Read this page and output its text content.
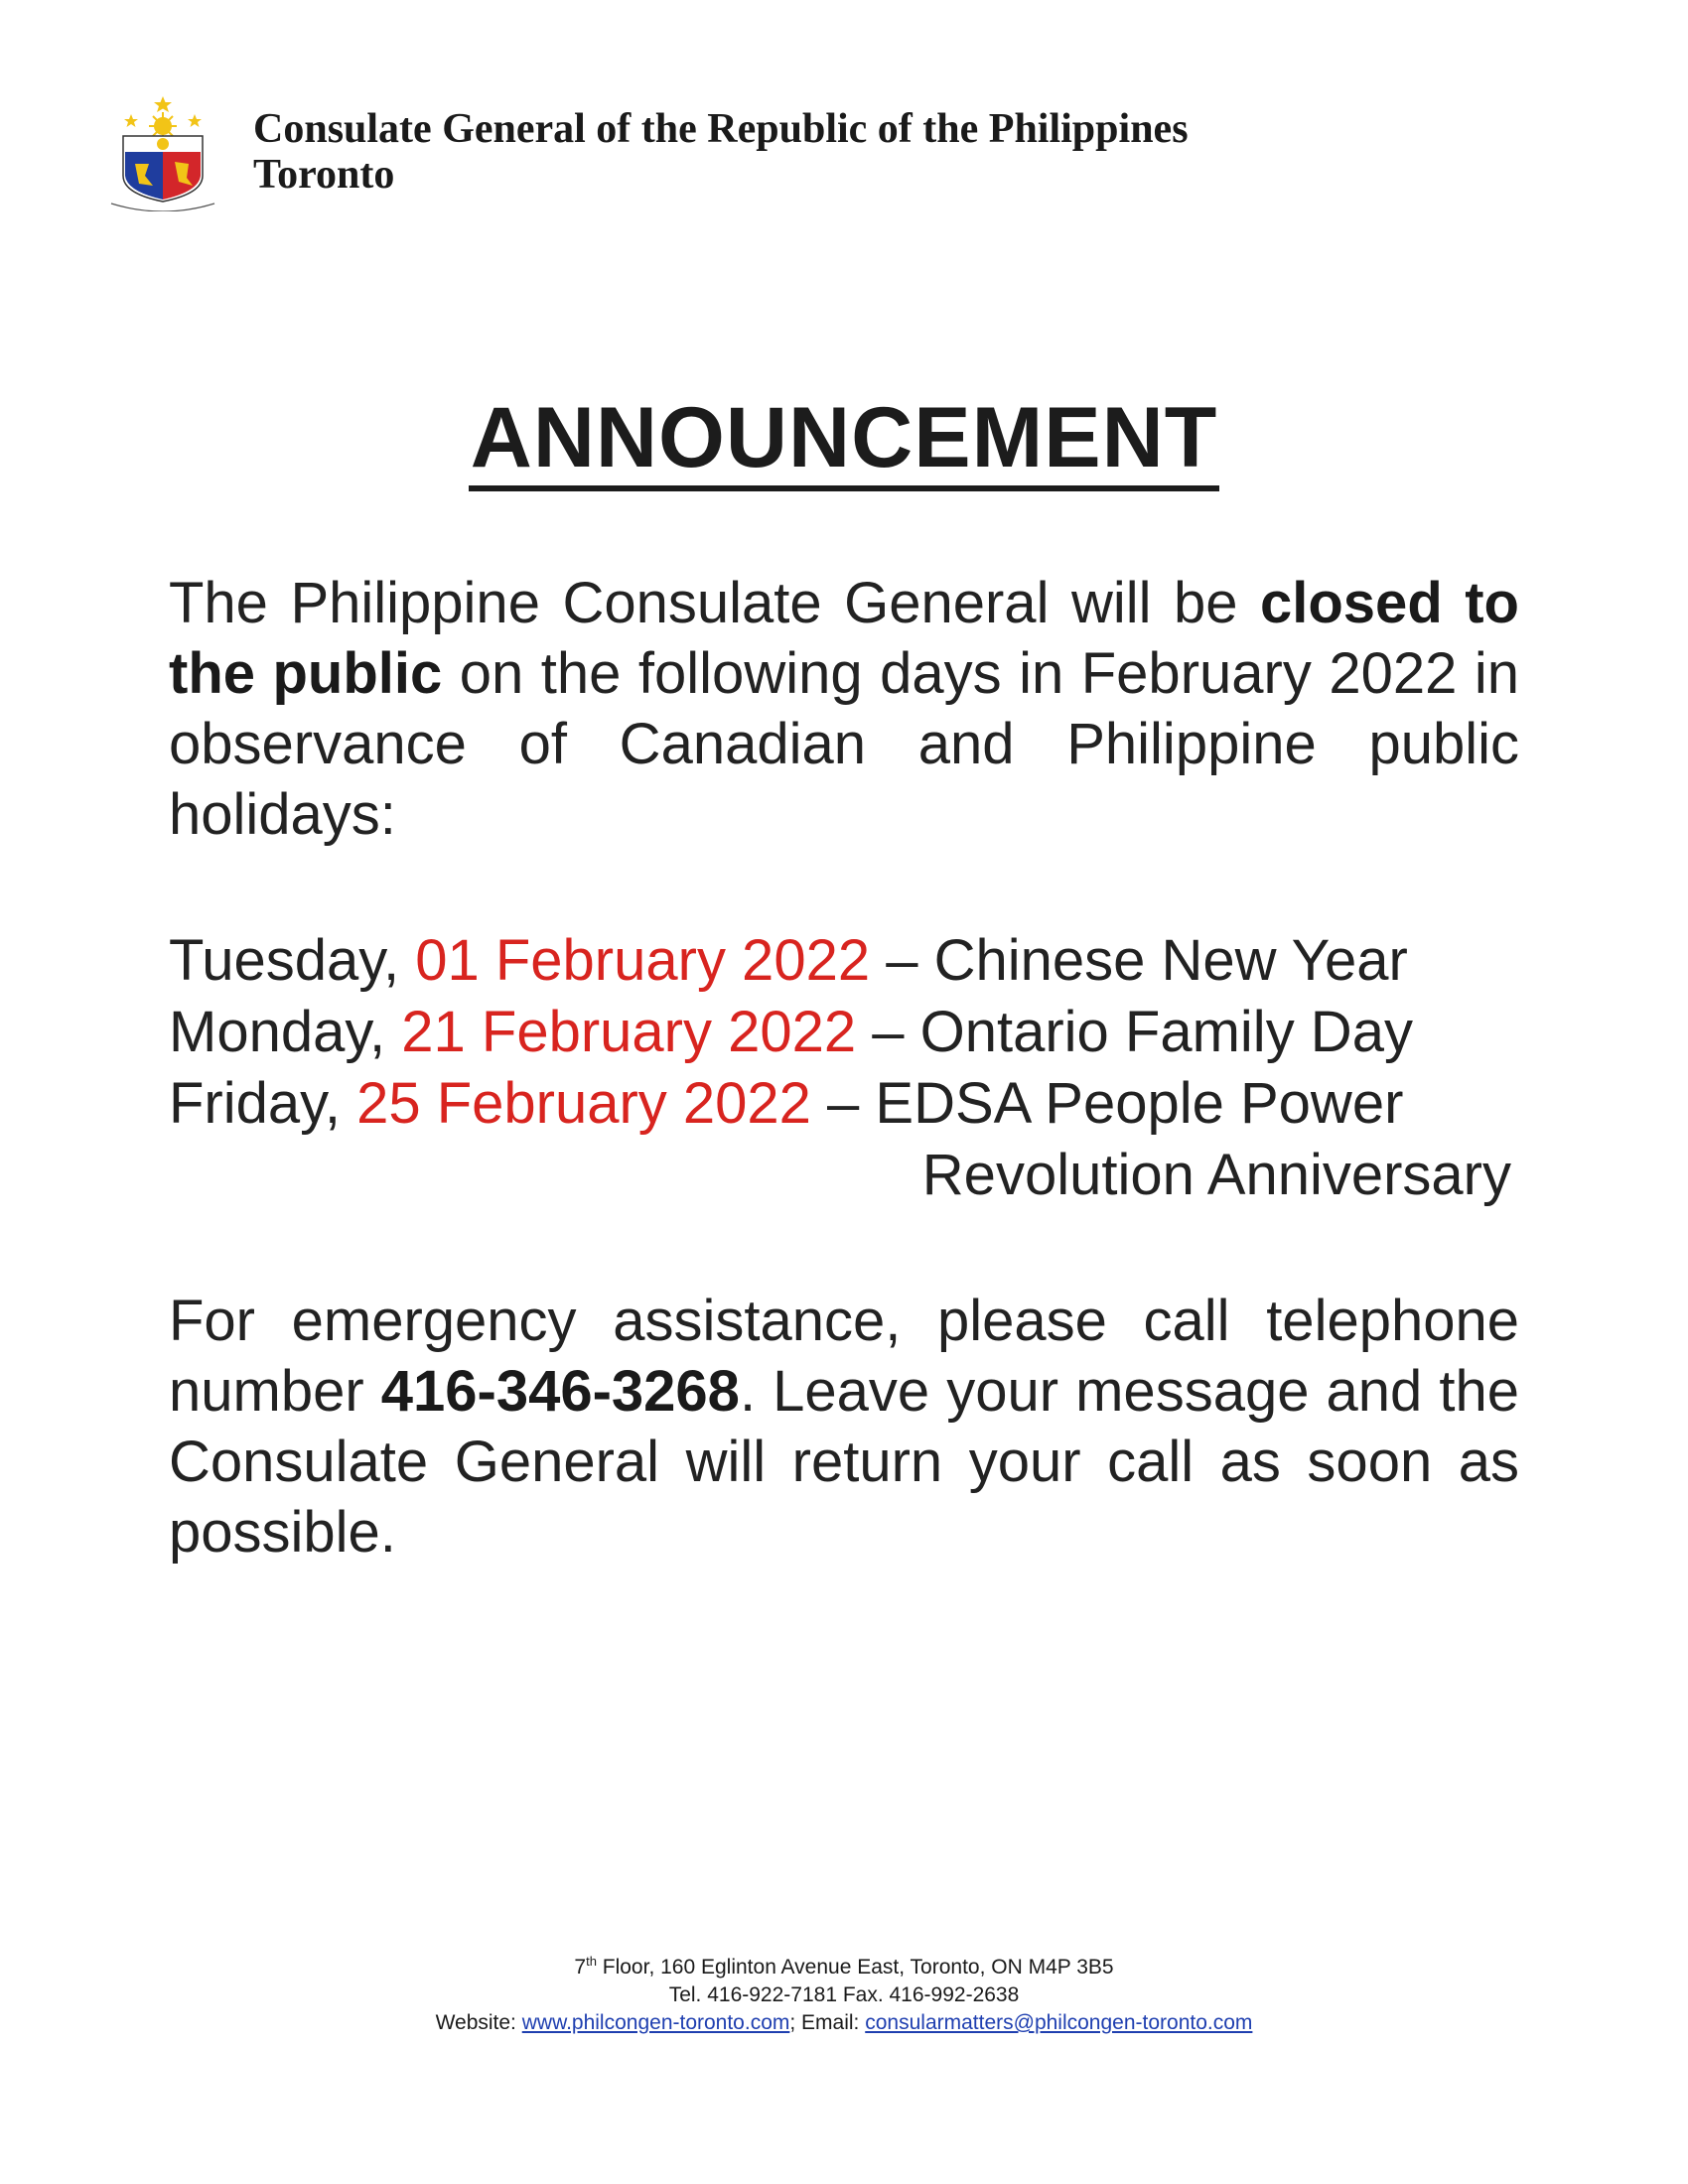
Consulate General of the Republic of the Philippines
Toronto
ANNOUNCEMENT
The Philippine Consulate General will be closed to the public on the following days in February 2022 in observance of Canadian and Philippine public holidays:
Tuesday, 01 February 2022 – Chinese New Year
Monday, 21 February 2022 – Ontario Family Day
Friday, 25 February 2022 – EDSA People Power
Revolution Anniversary
For emergency assistance, please call telephone number 416-346-3268. Leave your message and the Consulate General will return your call as soon as possible.
7th Floor, 160 Eglinton Avenue East, Toronto, ON M4P 3B5
Tel. 416-922-7181 Fax. 416-992-2638
Website: www.philcongen-toronto.com; Email: consularmatters@philcongen-toronto.com
